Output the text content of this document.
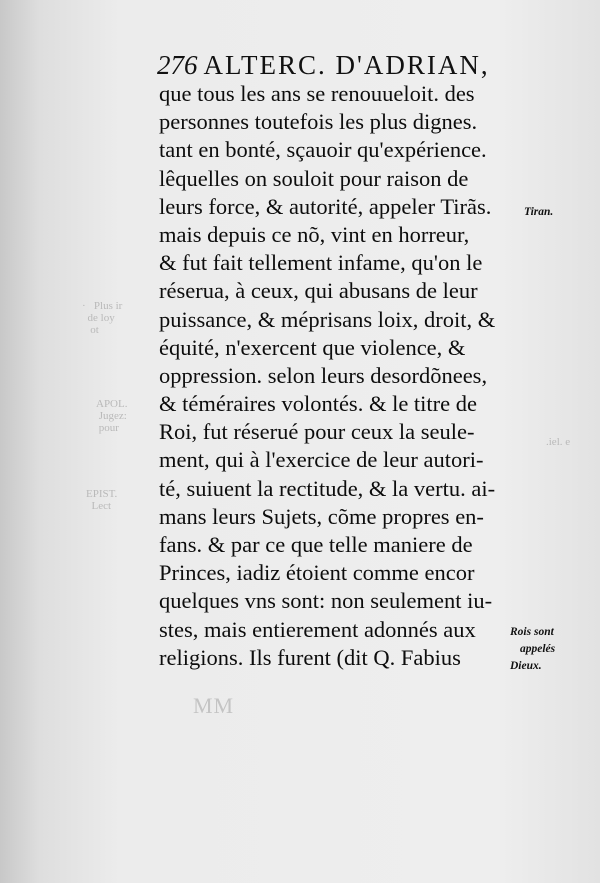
·   Plus ir
de loy
ot
APOL.
Jugez:
pour
EPIST.
Lect
.iel. e
276 ALTERC. D'ADRIAN,
que tous les ans se renouueloit. des
personnes toutefois les plus dignes.
tant en bonté, sçauoir qu'expérience.
lêquelles on souloit pour raison de
leurs force, & autorité, appeler Tirãs.
mais depuis ce nõ, vint en horreur,
& fut fait tellement infame, qu'on le
réserua, à ceux, qui abusans de leur
puissance, & méprisans loix, droit, &
équité, n'exercent que violence, &
oppression. selon leurs desordõnees,
& téméraires volontés. & le titre de
Roi, fut réserué pour ceux la seule-
ment, qui à l'exercice de leur autori-
té, suiuent la rectitude, & la vertu. ai-
mans leurs Sujets, cõme propres en-
fans. & par ce que telle maniere de
Princes, iadiz étoient comme encor
quelques vns sont: non seulement iu-
stes, mais entierement adonnés aux
religions. Ils furent (dit Q. Fabius
Tiran.
Rois sont
appelés
Dieux.
MM
